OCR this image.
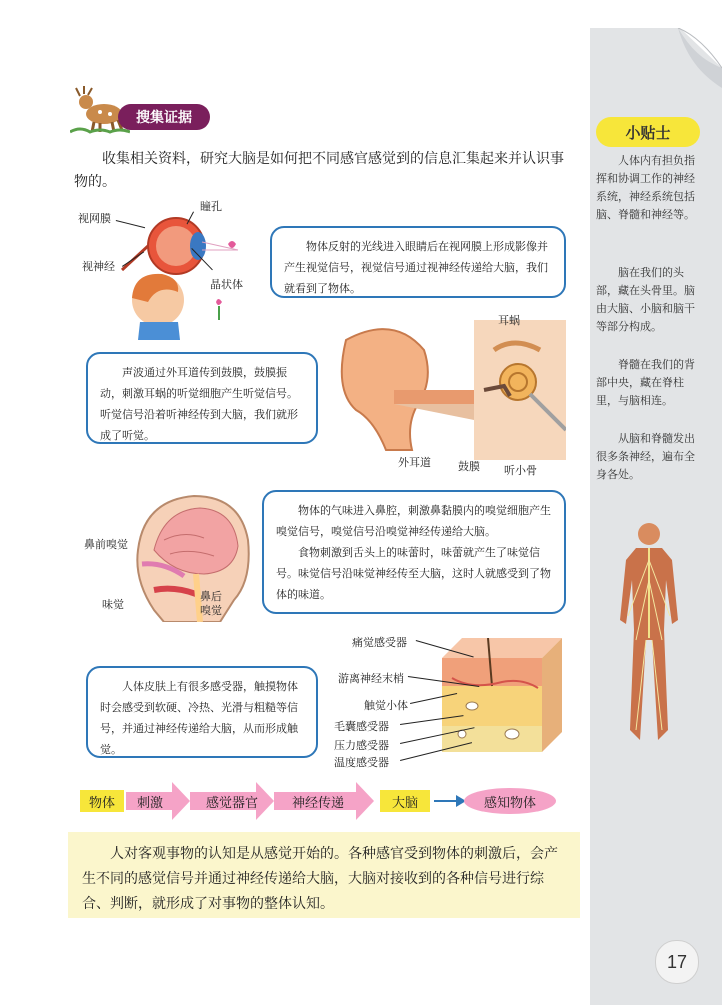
小贴士

人体内有担负指挥和协调工作的神经系统，神经系统包括脑、脊髓和神经等。

脑在我们的头部，藏在头骨里。脑由大脑、小脑和脑干等部分构成。

脊髓在我们的背部中央，藏在脊柱里，与脑相连。

从脑和脊髓发出很多条神经，遍布全身各处。

17
搜集证据

收集相关资料，研究大脑是如何把不同感官感觉到的信息汇集起来并认识事物的。

视网膜
瞳孔
视神经
晶状体

物体反射的光线进入眼睛后在视网膜上形成影像并产生视觉信号，视觉信号通过视神经传递给大脑，我们就看到了物体。

声波通过外耳道传到鼓膜，鼓膜振动，刺激耳蜗的听觉细胞产生听觉信号。听觉信号沿着听神经传到大脑，我们就形成了听觉。

耳蜗
外耳道 鼓膜 听小骨
鼻前嗅觉
味觉
鼻后
嗅觉

物体的气味进入鼻腔，刺激鼻黏膜内的嗅觉细胞产生嗅觉信号，嗅觉信号沿嗅觉神经传递给大脑。

食物刺激到舌头上的味蕾时，味蕾就产生了味觉信号。味觉信号沿味觉神经传至大脑，这时人就感受到了物体的味道。

人体皮肤上有很多感受器，触摸物体时会感受到软硬、冷热、光滑与粗糙等信号，并通过神经传递给大脑，从而形成触觉。

痛觉感受器
游离神经末梢
触觉小体
毛囊感受器
压力感受器
温度感受器
物体	刺激	感觉器官	神经传递	大脑	感知物体

人对客观事物的认知是从感觉开始的。各种感官受到物体的刺激后，会产生不同的感觉信号并通过神经传递给大脑，大脑对接收到的各种信号进行综合、判断，就形成了对事物的整体认知。
